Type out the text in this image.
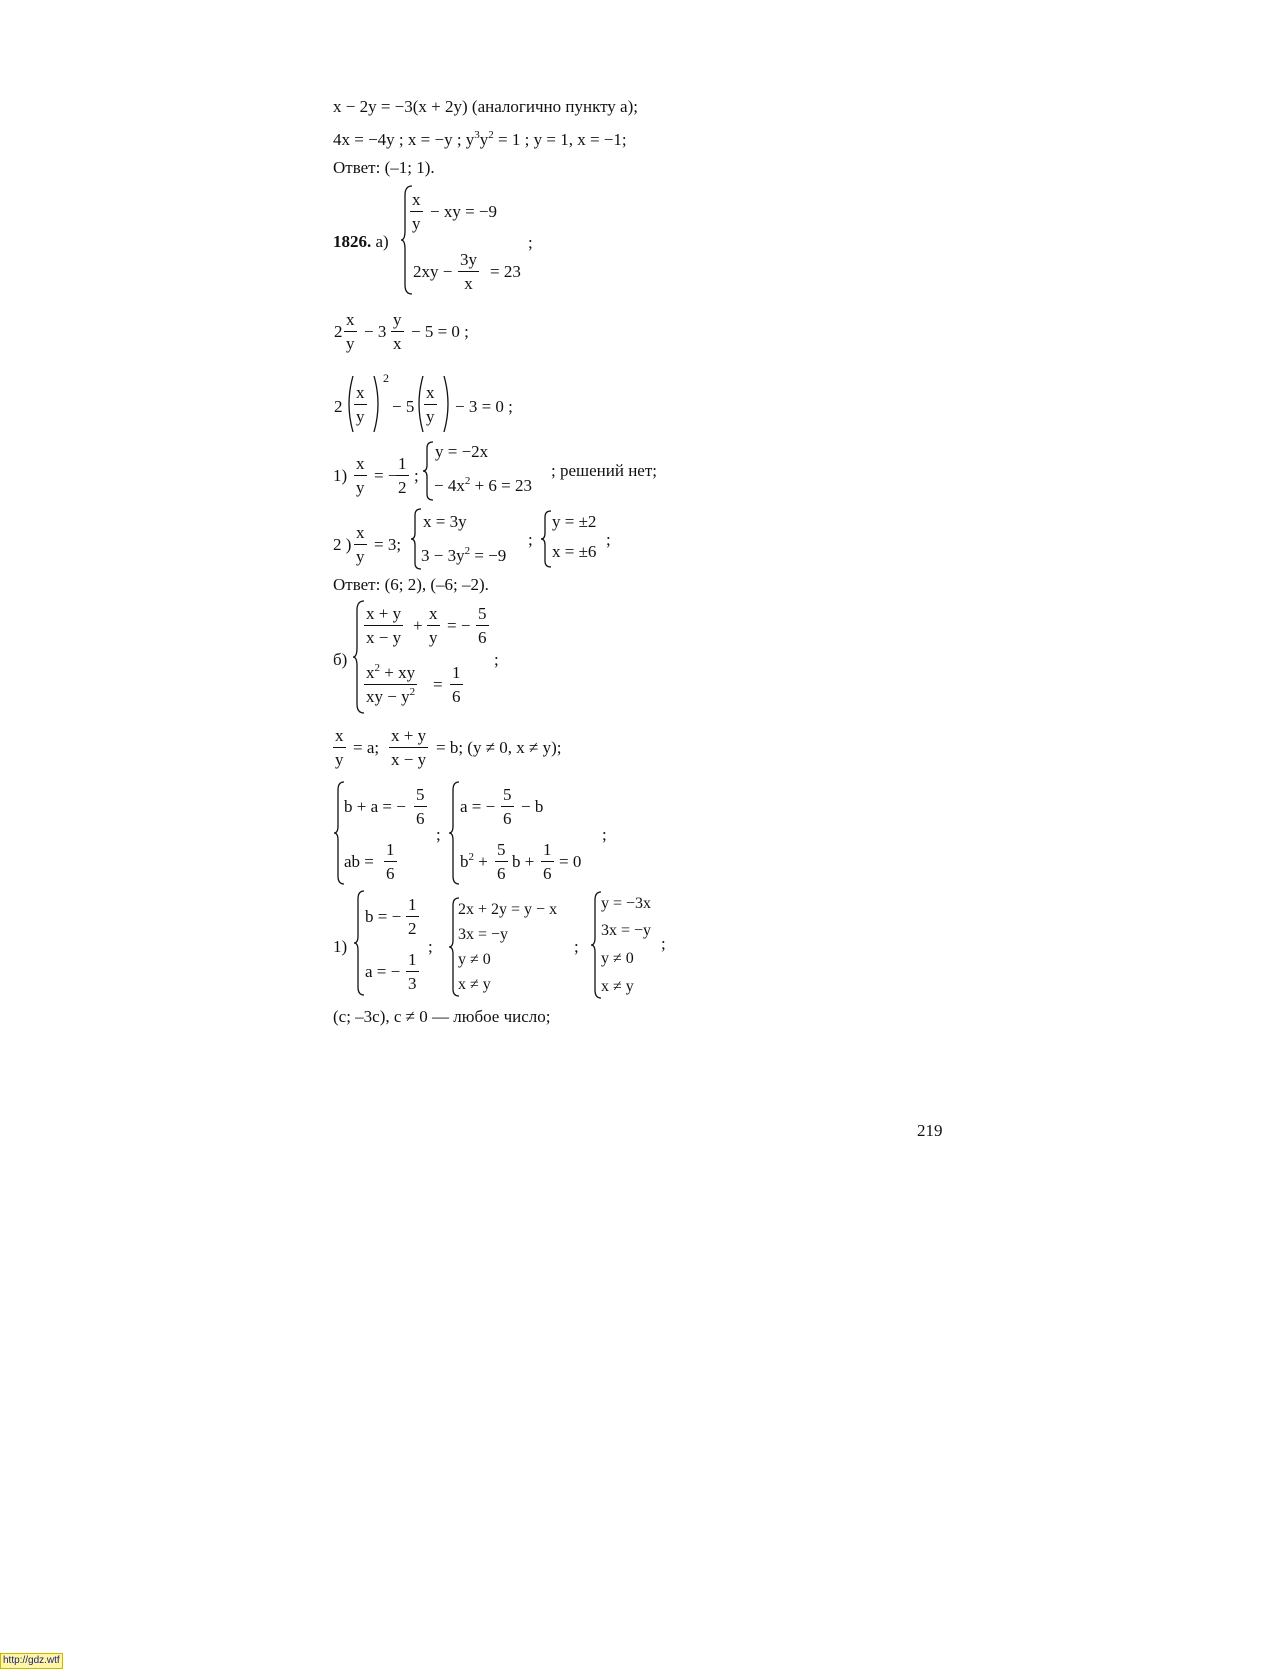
x − 2y = −3(x + 2y) (аналогично пункту а);
4x = −4y ; x = −y ; $y^3y^2 = 1$ ; y = 1, x = −1;
Ответ: (–1; 1).
1826. а)
$\frac{x}{y}$ − xy = −9
$2xy - \frac{3y}{x} = 23$
;
$2 \frac{x}{y} - 3 \frac{y}{x} - 5 = 0$ ;
$2 \frac{x}{y}$
2
− $5 \frac{x}{y} - 3 = 0$ ;
$1) \frac{x}{y}$ = −
$\frac{1}{2}$ ;
y = −2x
− $4x^2 + 6 = 23$
; решений нет;
2 ) $\frac{x}{y} = 3$;
x = 3y
$3 - 3y^2 = -9$
;
y = ±2
x = ±6
;
Ответ: (6; 2), (–6; –2).
б)
$\frac{x + y}{x - y} + \frac{x}{y}$ = − $\frac{5}{6}$
$\frac{x^2 + xy}{xy - y^2} = \frac{1}{6}$
;
$\frac{x}{y} = a$; $\frac{x + y}{x - y} = b$; (y ≠ 0, x ≠ y);
b + a = − $\frac{5}{6}$
ab = $\frac{1}{6}$
;
a = − $\frac{5}{6} - b$
$b^2 + \frac{5}{6}$ $b + \frac{1}{6} = 0$
;
1)
b = − $\frac{1}{2}$
a = − $\frac{1}{3}$
;
2x + 2y = y − x
3x = −y
y ≠ 0
x ≠ y
;
y = −3x
3x = −y
y ≠ 0
x ≠ y
;
(c; –3c), c ≠ 0 — любое число;
219
http://gdz.wtf
